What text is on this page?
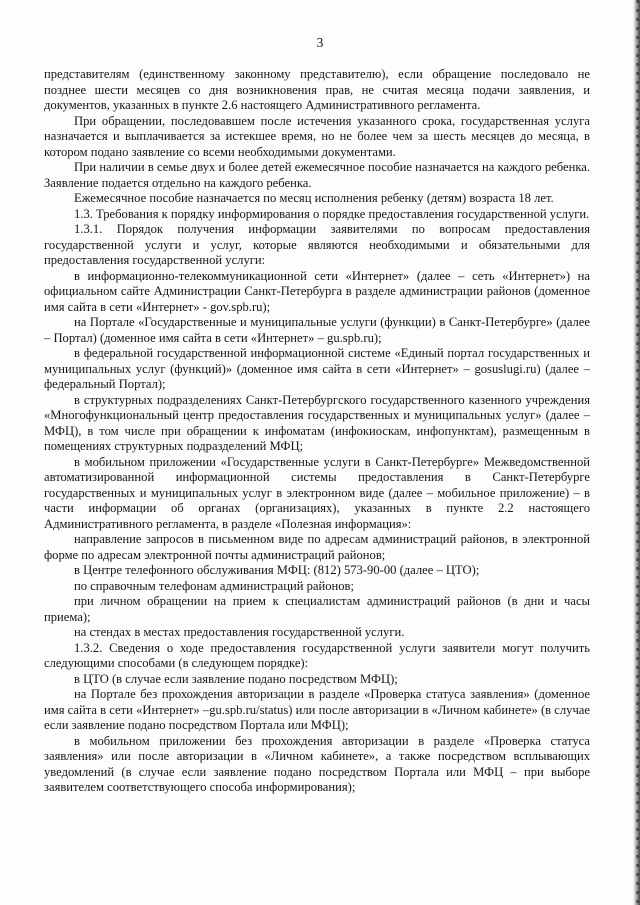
3

представителям (единственному законному представителю), если обращение последовало не позднее шести месяцев со дня возникновения прав, не считая месяца подачи заявления, и документов, указанных в пункте 2.6 настоящего Административного регламента.

При обращении, последовавшем после истечения указанного срока, государственная услуга назначается и выплачивается за истекшее время, но не более чем за шесть месяцев до месяца, в котором подано заявление со всеми необходимыми документами.

При наличии в семье двух и более детей ежемесячное пособие назначается на каждого ребенка. Заявление подается отдельно на каждого ребенка.

Ежемесячное пособие назначается по месяц исполнения ребенку (детям) возраста 18 лет.

1.3. Требования к порядку информирования о порядке предоставления государственной услуги.

1.3.1. Порядок получения информации заявителями по вопросам предоставления государственной услуги и услуг, которые являются необходимыми и обязательными для предоставления государственной услуги:

в информационно-телекоммуникационной сети «Интернет» (далее – сеть «Интернет») на официальном сайте Администрации Санкт-Петербурга в разделе администрации районов (доменное имя сайта в сети «Интернет» - gov.spb.ru);

на Портале «Государственные и муниципальные услуги (функции) в Санкт-Петербурге» (далее – Портал) (доменное имя сайта в сети «Интернет» – gu.spb.ru);

в федеральной государственной информационной системе «Единый портал государственных и муниципальных услуг (функций)» (доменное имя сайта в сети «Интернет» – gosuslugi.ru) (далее – федеральный Портал);

в структурных подразделениях Санкт-Петербургского государственного казенного учреждения «Многофункциональный центр предоставления государственных и муниципальных услуг» (далее – МФЦ), в том числе при обращении к инфоматам (инфокиоскам, инфопунктам), размещенным в помещениях структурных подразделений МФЦ;

в мобильном приложении «Государственные услуги в Санкт-Петербурге» Межведомственной автоматизированной информационной системы предоставления в Санкт-Петербурге государственных и муниципальных услуг в электронном виде (далее – мобильное приложение) – в части информации об органах (организациях), указанных в пункте 2.2 настоящего Административного регламента, в разделе «Полезная информация»:

направление запросов в письменном виде по адресам администраций районов, в электронной форме по адресам электронной почты администраций районов;

в Центре телефонного обслуживания МФЦ: (812) 573-90-00 (далее – ЦТО);

по справочным телефонам администраций районов;

при личном обращении на прием к специалистам администраций районов (в дни и часы приема);

на стендах в местах предоставления государственной услуги.

1.3.2. Сведения о ходе предоставления государственной услуги заявители могут получить следующими способами (в следующем порядке):

в ЦТО (в случае если заявление подано посредством МФЦ);

на Портале без прохождения авторизации в разделе «Проверка статуса заявления» (доменное имя сайта в сети «Интернет» –gu.spb.ru/status) или после авторизации в «Личном кабинете» (в случае если заявление подано посредством Портала или МФЦ);

в мобильном приложении без прохождения авторизации в разделе «Проверка статуса заявления» или после авторизации в «Личном кабинете», а также посредством всплывающих уведомлений (в случае если заявление подано посредством Портала или МФЦ – при выборе заявителем соответствующего способа информирования);
